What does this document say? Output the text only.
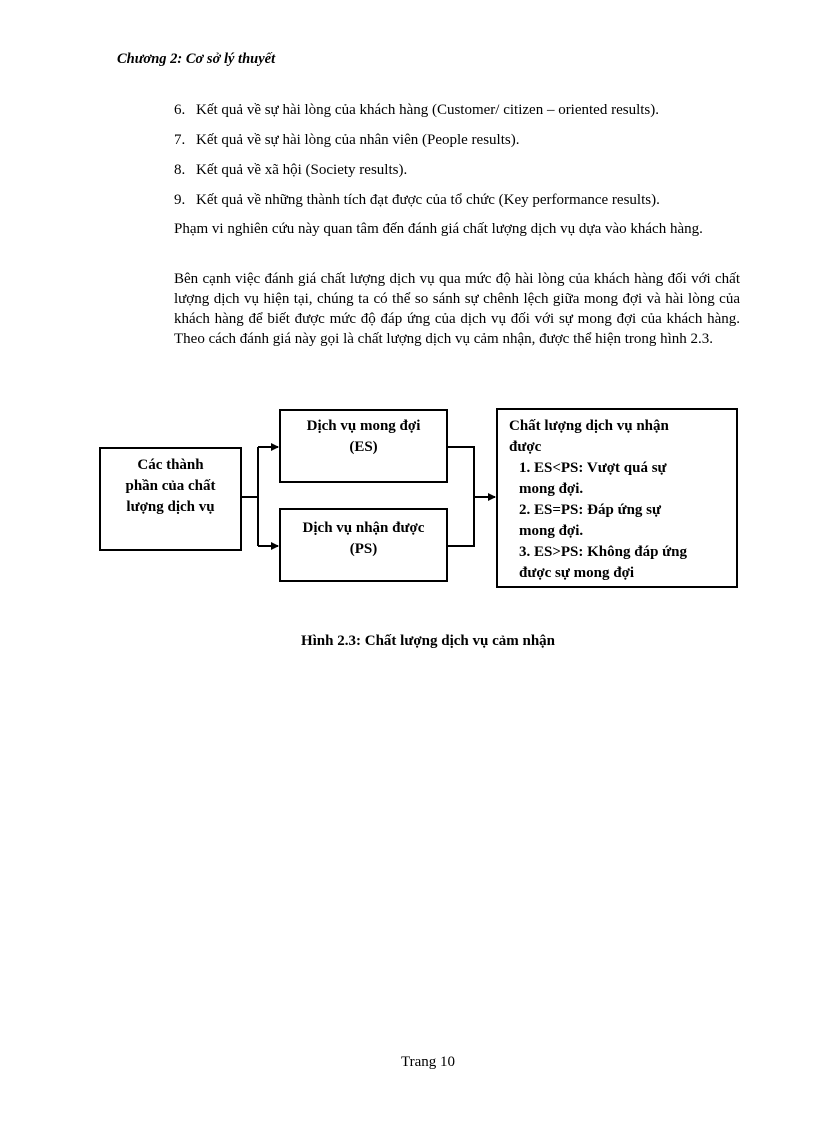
Chương 2: Cơ sở lý thuyết
6. Kết quả về sự hài lòng của khách hàng (Customer/ citizen – oriented results).
7. Kết quả về sự hài lòng của nhân viên (People results).
8. Kết quả về xã hội (Society results).
9. Kết quả về những thành tích đạt được của tổ chức (Key performance results).

Phạm vi nghiên cứu này quan tâm đến đánh giá chất lượng dịch vụ dựa vào khách hàng.

Bên cạnh việc đánh giá chất lượng dịch vụ qua mức độ hài lòng của khách hàng đối với chất lượng dịch vụ hiện tại, chúng ta có thể so sánh sự chênh lệch giữa mong đợi và hài lòng của khách hàng để biết được mức độ đáp ứng của dịch vụ đối với sự mong đợi của khách hàng. Theo cách đánh giá này gọi là chất lượng dịch vụ cảm nhận, được thể hiện trong hình 2.3.

Các thành
phần của chất
lượng dịch vụ
Dịch vụ mong đợi
(ES)
Dịch vụ nhận được
(PS)
Chất lượng dịch vụ nhận
được
1. ES<PS: Vượt quá sự
mong đợi.
2. ES=PS: Đáp ứng sự
mong đợi.
3. ES>PS: Không đáp ứng
được sự mong đợi
Hình 2.3: Chất lượng dịch vụ cảm nhận
Trang 10
